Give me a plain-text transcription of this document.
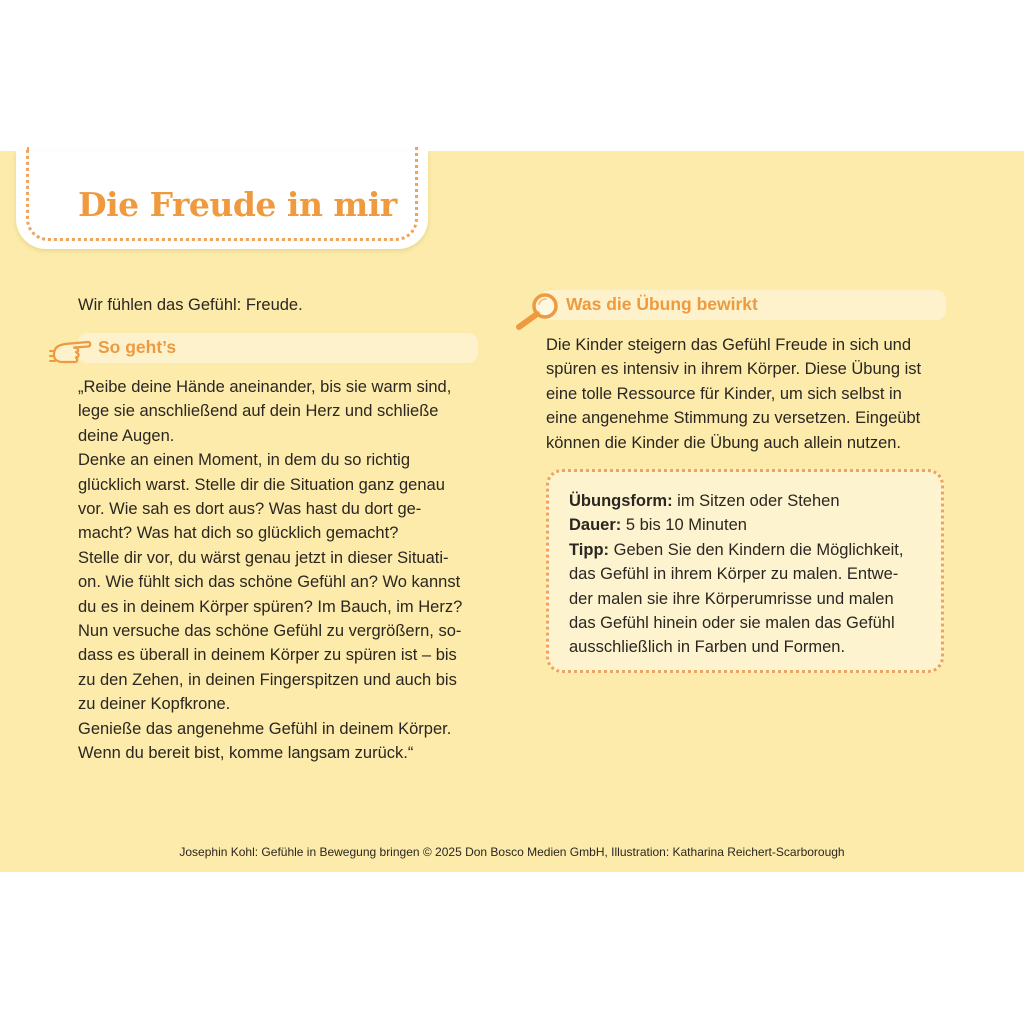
Die Freude in mir
Wir fühlen das Gefühl: Freude.
So geht’s

„Reibe deine Hände aneinander, bis sie warm sind,

lege sie anschließend auf dein Herz und schließe

deine Augen.

Denke an einen Moment, in dem du so richtig

glücklich warst. Stelle dir die Situation ganz genau

vor. Wie sah es dort aus? Was hast du dort ge-

macht? Was hat dich so glücklich gemacht?

Stelle dir vor, du wärst genau jetzt in dieser Situati-

on. Wie fühlt sich das schöne Gefühl an? Wo kannst

du es in deinem Körper spüren? Im Bauch, im Herz?

Nun versuche das schöne Gefühl zu vergrößern, so-

dass es überall in deinem Körper zu spüren ist – bis

zu den Zehen, in deinen Fingerspitzen und auch bis

zu deiner Kopfkrone.

Genieße das angenehme Gefühl in deinem Körper.

Wenn du bereit bist, komme langsam zurück.“

Was die Übung bewirkt

Die Kinder steigern das Gefühl Freude in sich und

spüren es intensiv in ihrem Körper. Diese Übung ist

eine tolle Ressource für Kinder, um sich selbst in

eine angenehme Stimmung zu versetzen. Eingeübt

können die Kinder die Übung auch allein nutzen.

Übungsform: im Sitzen oder Stehen
Dauer: 5 bis 10 Minuten
Tipp: Geben Sie den Kindern die Möglichkeit,
das Gefühl in ihrem Körper zu malen. Entwe-
der malen sie ihre Körperumrisse und malen
das Gefühl hinein oder sie malen das Gefühl
ausschließlich in Farben und Formen.
Josephin Kohl: Gefühle in Bewegung bringen © 2025 Don Bosco Medien GmbH, Illustration: Katharina Reichert-Scarborough
